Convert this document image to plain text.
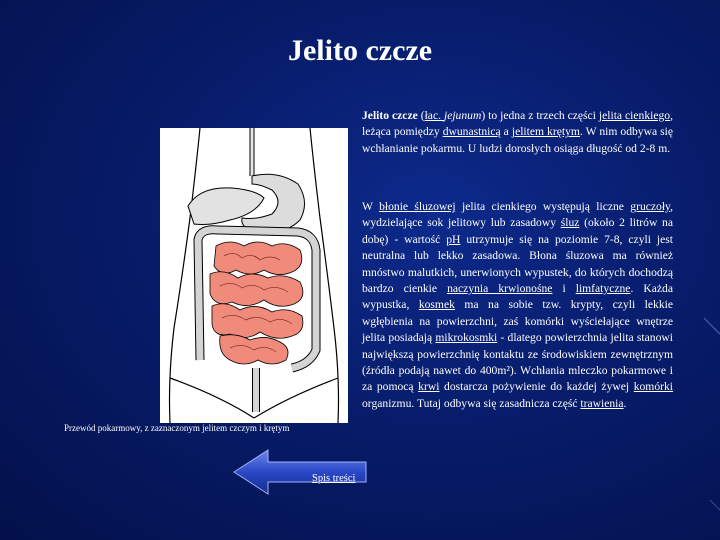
Jelito czcze
Jelito czcze (łac. jejunum) to jedna z trzech części jelita cienkiego, leżąca pomiędzy dwunastnicą a jelitem krętym. W nim odbywa się wchłanianie pokarmu. U ludzi dorosłych osiąga długość od 2-8 m.
W błonie śluzowej jelita cienkiego występują liczne gruczoły, wydzielające sok jelitowy lub zasadowy śluz (około 2 litrów na dobę) - wartość pH utrzymuje się na poziomie 7-8, czyli jest neutralna lub lekko zasadowa. Błona śluzowa ma również mnóstwo malutkich, unerwionych wypustek, do których dochodzą bardzo cienkie naczynia krwionośne i limfatyczne. Każda wypustka, kosmek ma na sobie tzw. krypty, czyli lekkie wgłębienia na powierzchni, zaś komórki wyściełające wnętrze jelita posiadają mikrokosmki - dlatego powierzchnia jelita stanowi największą powierzchnię kontaktu ze środowiskiem zewnętrznym (źródła podają nawet do 400m²). Wchłania mleczko pokarmowe i za pomocą krwi dostarcza pożywienie do każdej żywej komórki organizmu. Tutaj odbywa się zasadnicza część trawienia.
Przewód pokarmowy, z zaznaczonym jelitem czczym i krętym
Spis treści
